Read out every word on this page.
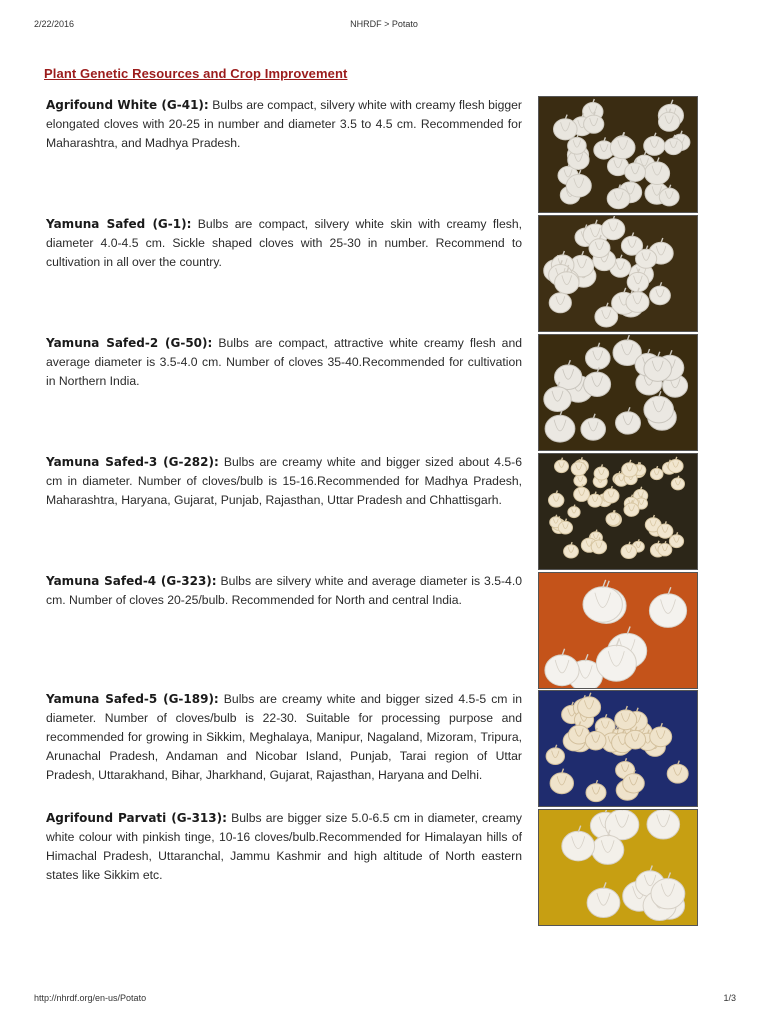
2/22/2016	NHRDF > Potato
Plant Genetic Resources and Crop Improvement

Agrifound White (G-41): Bulbs are compact, silvery white with creamy flesh bigger elongated cloves with 20-25 in number and diameter 3.5 to 4.5 cm. Recommended for Maharashtra, and Madhya Pradesh.

Yamuna Safed (G-1): Bulbs are compact, silvery white skin with creamy flesh, diameter 4.0-4.5 cm. Sickle shaped cloves with 25-30 in number. Recommend to cultivation in all over the country.

Yamuna Safed-2 (G-50): Bulbs are compact, attractive white creamy flesh and average diameter is 3.5-4.0 cm. Number of cloves 35-40.Recommended for cultivation in Northern India.

Yamuna Safed-3 (G-282): Bulbs are creamy white and bigger sized about 4.5-6 cm in diameter. Number of cloves/bulb is 15-16.Recommended for Madhya Pradesh, Maharashtra, Haryana, Gujarat, Punjab, Rajasthan, Uttar Pradesh and Chhattisgarh.

Yamuna Safed-4 (G-323): Bulbs are silvery white and average diameter is 3.5-4.0 cm. Number of cloves 20-25/bulb. Recommended for North and central India.

Yamuna Safed-5 (G-189): Bulbs are creamy white and bigger sized 4.5-5 cm in diameter. Number of cloves/bulb is 22-30. Suitable for processing purpose and recommended for growing in Sikkim, Meghalaya, Manipur, Nagaland, Mizoram, Tripura, Arunachal Pradesh, Andaman and Nicobar Island, Punjab, Tarai region of Uttar Pradesh, Uttarakhand, Bihar, Jharkhand, Gujarat, Rajasthan, Haryana and Delhi.

Agrifound Parvati (G-313): Bulbs are bigger size 5.0-6.5 cm in diameter, creamy white colour with pinkish tinge, 10-16 cloves/bulb.Recommended for Himalayan hills of Himachal Pradesh, Uttaranchal, Jammu Kashmir and high altitude of North eastern states like Sikkim etc.

http://nhrdf.org/en-us/Potato	1/3
